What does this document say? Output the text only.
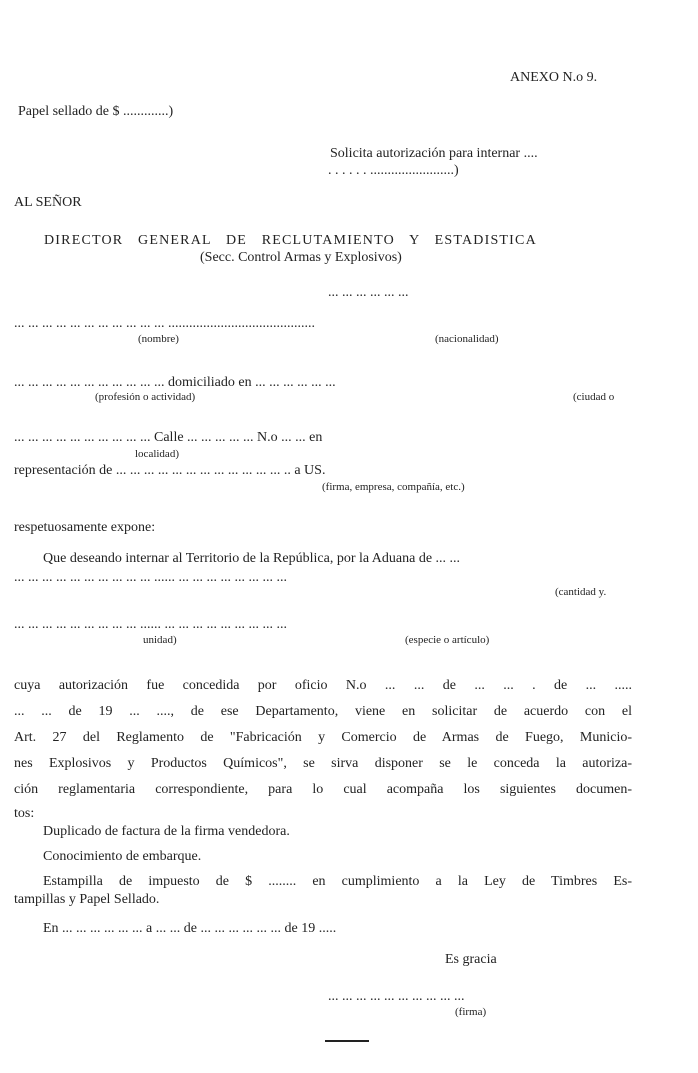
ANEXO N.o 9.
Papel sellado de $ .............)
Solicita autorización para internar ....
. . . . . . ........................)
AL SEÑOR
DIRECTOR GENERAL DE RECLUTAMIENTO Y ESTADISTICA
(Secc. Control Armas y Explosivos)
... ... ... ... ... ...
... ... ... ... ... ... ... ... ... ... ... ..........................................
(nombre)	(nacionalidad)
... ... ... ... ... ... ... ... ... ... ... domiciliado en ... ... ... ... ... ...
(profesión o actividad)	(ciudad o
... ... ... ... ... ... ... ... ... ... Calle ... ... ... ... ... N.o ... ... en
localidad)
representación de ... ... ... ... ... ... ... ... ... ... ... ... .. a US.
(firma, empresa, compañía, etc.)
respetuosamente expone:
Que deseando internar al Territorio de la República, por la Aduana de ... ...
... ... ... ... ... ... ... ... ... ... ...... ... ... ... ... ... ... ... ...
(cantidad y.
... ... ... ... ... ... ... ... ... ...... ... ... ... ... ... ... ... ... ...
unidad)	(especie o artículo)
cuya autorización fue concedida por oficio N.o ... ... de ... ... . de ... .....
... ... de 19 ... ...., de ese Departamento, viene en solicitar de acuerdo con el
Art. 27 del Reglamento de "Fabricación y Comercio de Armas de Fuego, Municio-
nes Explosivos y Productos Químicos", se sirva disponer se le conceda la autoriza-
ción reglamentaria correspondiente, para lo cual acompaña los siguientes documen-
tos:
Duplicado de factura de la firma vendedora.
Conocimiento de embarque.
Estampilla de impuesto de $ ........ en cumplimiento a la Ley de Timbres Es-
tampillas y Papel Sellado.
En ... ... ... ... ... ... a ... ... de ... ... ... ... ... ... de 19 .....
Es gracia
... ... ... ... ... ... ... ... ... ...
(firma)
